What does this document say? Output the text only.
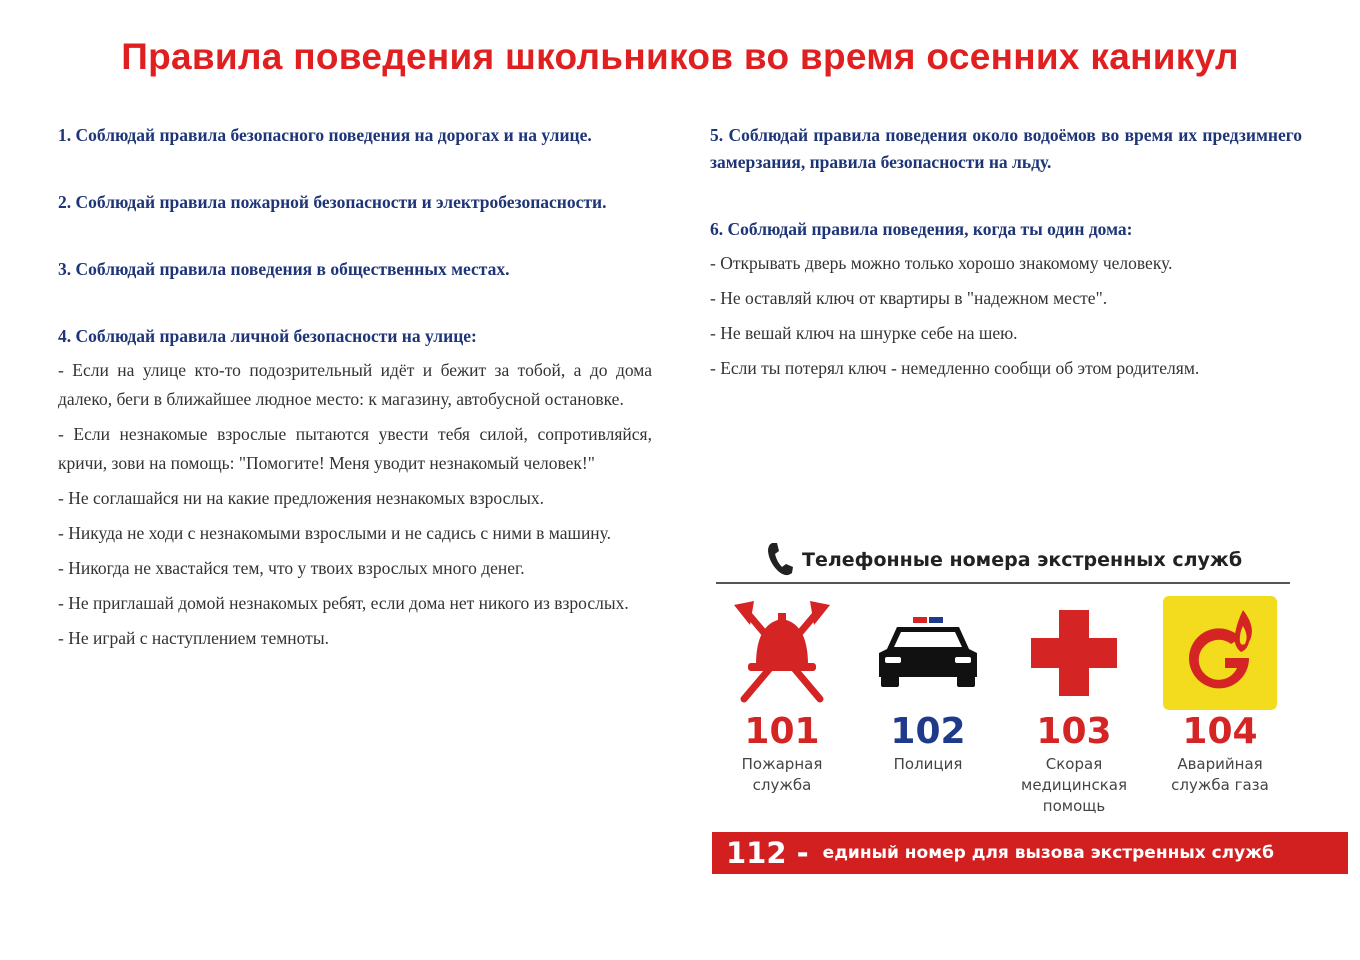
Правила поведения школьников во время осенних каникул

1. Соблюдай правила безопасного поведения на дорогах и на улице.

2. Соблюдай правила пожарной безопасности и электробезопасности.

3. Соблюдай правила поведения в общественных местах.

4. Соблюдай правила личной безопасности на улице:

- Если на улице кто-то подозрительный идёт и бежит за тобой, а до дома далеко, беги в ближайшее людное место: к магазину, автобусной остановке.

- Если незнакомые взрослые пытаются увести тебя силой, сопротивляйся, кричи, зови на помощь: "Помогите! Меня уводит незнакомый человек!"

- Не соглашайся ни на какие предложения незнакомых взрослых.

- Никуда не ходи с незнакомыми взрослыми и не садись с ними в машину.

- Никогда не хвастайся тем, что у твоих взрослых много денег.

- Не приглашай домой незнакомых ребят, если дома нет никого из взрослых.

- Не играй с наступлением темноты.

5. Соблюдай правила поведения около водоёмов во время их предзимнего замерзания, правила безопасности на льду.

6. Соблюдай правила поведения, когда ты один дома:

- Открывать дверь можно только хорошо знакомому человеку.

- Не оставляй ключ от квартиры в "надежном месте".

- Не вешай ключ на шнурке себе на шею.

- Если ты потерял ключ - немедленно сообщи об этом родителям.

Телефонные номера экстренных служб
101
Пожарная служба
102
Полиция
103
Скорая медицинская помощь
104
Аварийная служба газа
112 - единый номер для вызова экстренных служб
